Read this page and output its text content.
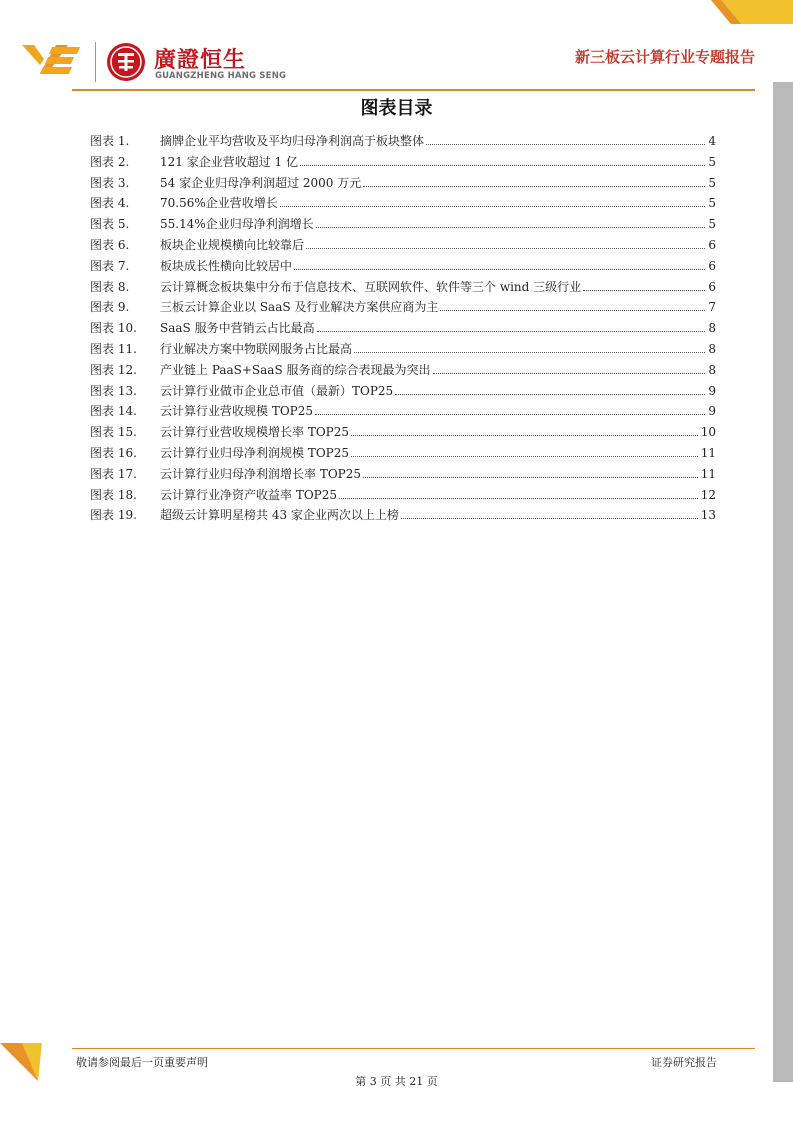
廣證恒生
GUANGZHENG HANG SENG
新三板云计算行业专题报告
图表目录
图表 1.	摘牌企业平均营收及平均归母净利润高于板块整体	4
图表 2.	121 家企业营收超过 1 亿	5
图表 3.	54 家企业归母净利润超过 2000 万元	5
图表 4.	70.56%企业营收增长	5
图表 5.	55.14%企业归母净利润增长	5
图表 6.	板块企业规模横向比较靠后	6
图表 7.	板块成长性横向比较居中	6
图表 8.	云计算概念板块集中分布于信息技术、互联网软件、软件等三个 wind 三级行业	6
图表 9.	三板云计算企业以 SaaS 及行业解决方案供应商为主	7
图表 10.	SaaS 服务中营销云占比最高	8
图表 11.	行业解决方案中物联网服务占比最高	8
图表 12.	产业链上 PaaS+SaaS 服务商的综合表现最为突出	8
图表 13.	云计算行业做市企业总市值（最新）TOP25	9
图表 14.	云计算行业营收规模 TOP25	9
图表 15.	云计算行业营收规模增长率 TOP25	10
图表 16.	云计算行业归母净利润规模 TOP25	11
图表 17.	云计算行业归母净利润增长率 TOP25	11
图表 18.	云计算行业净资产收益率 TOP25	12
图表 19.	超级云计算明星榜共 43 家企业两次以上上榜	13
敬请参阅最后一页重要声明	证券研究报告
第 3 页 共 21 页
